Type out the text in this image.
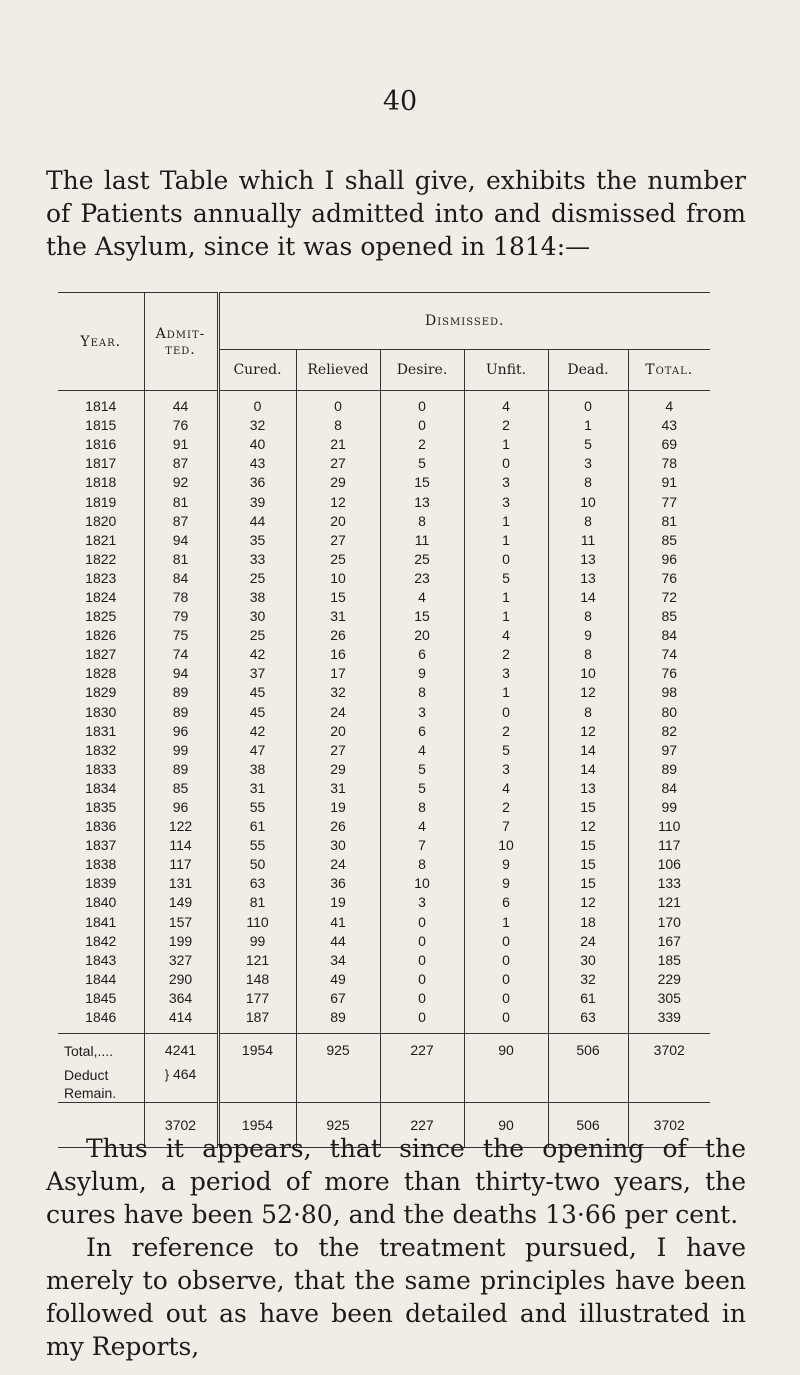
40

The last Table which I shall give, exhibits the number of Patients annually admitted into and dismissed from the Asylum, since it was opened in 1814:—

Year.	Admit-ted.	Dismissed.					
		Cured.	Relieved	Desire.	Unfit.	Dead.	Total.
1814	44	0	0	0	4	0	4
1815	76	32	8	0	2	1	43
1816	91	40	21	2	1	5	69
1817	87	43	27	5	0	3	78
1818	92	36	29	15	3	8	91
1819	81	39	12	13	3	10	77
1820	87	44	20	8	1	8	81
1821	94	35	27	11	1	11	85
1822	81	33	25	25	0	13	96
1823	84	25	10	23	5	13	76
1824	78	38	15	4	1	14	72
1825	79	30	31	15	1	8	85
1826	75	25	26	20	4	9	84
1827	74	42	16	6	2	8	74
1828	94	37	17	9	3	10	76
1829	89	45	32	8	1	12	98
1830	89	45	24	3	0	8	80
1831	96	42	20	6	2	12	82
1832	99	47	27	4	5	14	97
1833	89	38	29	5	3	14	89
1834	85	31	31	5	4	13	84
1835	96	55	19	8	2	15	99
1836	122	61	26	4	7	12	110
1837	114	55	30	7	10	15	117
1838	117	50	24	8	9	15	106
1839	131	63	36	10	9	15	133
1840	149	81	19	3	6	12	121
1841	157	110	41	0	1	18	170
1842	199	99	44	0	0	24	167
1843	327	121	34	0	0	30	185
1844	290	148	49	0	0	32	229
1845	364	177	67	0	0	61	305
1846	414	187	89	0	0	63	339
Total,....	4241	1954	925	227	90	506	3702
Deduct Remain.	} 464						
	3702	1954	925	227	90	506	3702

Thus it appears, that since the opening of the Asylum, a period of more than thirty-two years, the cures have been 52·80, and the deaths 13·66 per cent.

In reference to the treatment pursued, I have merely to observe, that the same principles have been followed out as have been detailed and illustrated in my Reports,
